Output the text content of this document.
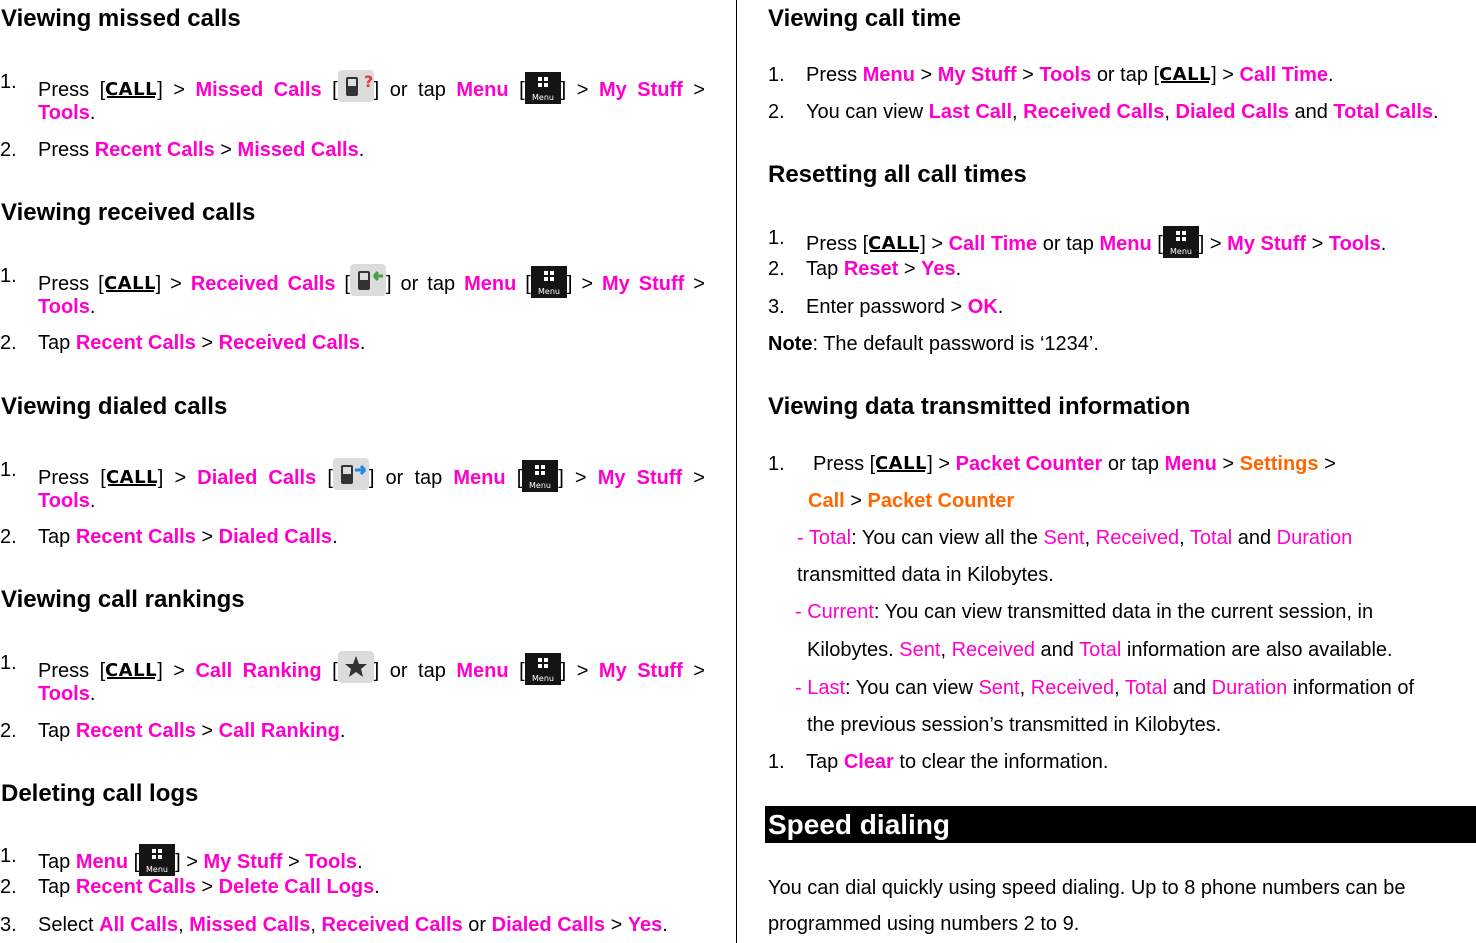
Viewing missed calls
1. Press [	] > Missed Calls [ ? ] or tap Menu [ ] > My Stuff >
Tools.
2. Press Recent Calls > Missed Calls.
Viewing received calls
1. Press [	] > Received Calls [ ] or tap Menu [ ] > My Stuff >
Tools.
2. Tap Recent Calls > Received Calls.
Viewing dialed calls
1. Press [	] > Dialed Calls [ ] or tap Menu [ ] > My Stuff >
Tools.
2. Tap Recent Calls > Dialed Calls.
Viewing call rankings
1. Press [	] > Call Ranking [ ] or tap Menu [ ] > My Stuff >
Tools.
2. Tap Recent Calls > Call Ranking.
Deleting call logs
1. Tap Menu [ ] > My Stuff > Tools.
2. Tap Recent Calls > Delete Call Logs.
3. Select All Calls, Missed Calls, Received Calls or Dialed Calls > Yes.
Viewing call time
1. Press Menu > My Stuff > Tools or tap [	] > Call Time.
2. You can view Last Call, Received Calls, Dialed Calls and Total Calls.
Resetting all call times
1. Press [	] > Call Time or tap Menu [ ] > My Stuff > Tools.
2. Tap Reset > Yes.
3. Enter password > OK.
Note: The default password is ‘1234’.
Viewing data transmitted information
1. Press [	] > Packet Counter or tap Menu > Settings >
Call > Packet Counter
- Total: You can view all the Sent, Received, Total and Duration
transmitted data in Kilobytes.
- Current: You can view transmitted data in the current session, in
Kilobytes. Sent, Received and Total information are also available.
- Last: You can view Sent, Received, Total and Duration information of
the previous session’s transmitted in Kilobytes.
1. Tap Clear to clear the information.
Speed dialing
You can dial quickly using speed dialing. Up to 8 phone numbers can be
programmed using numbers 2 to 9.
